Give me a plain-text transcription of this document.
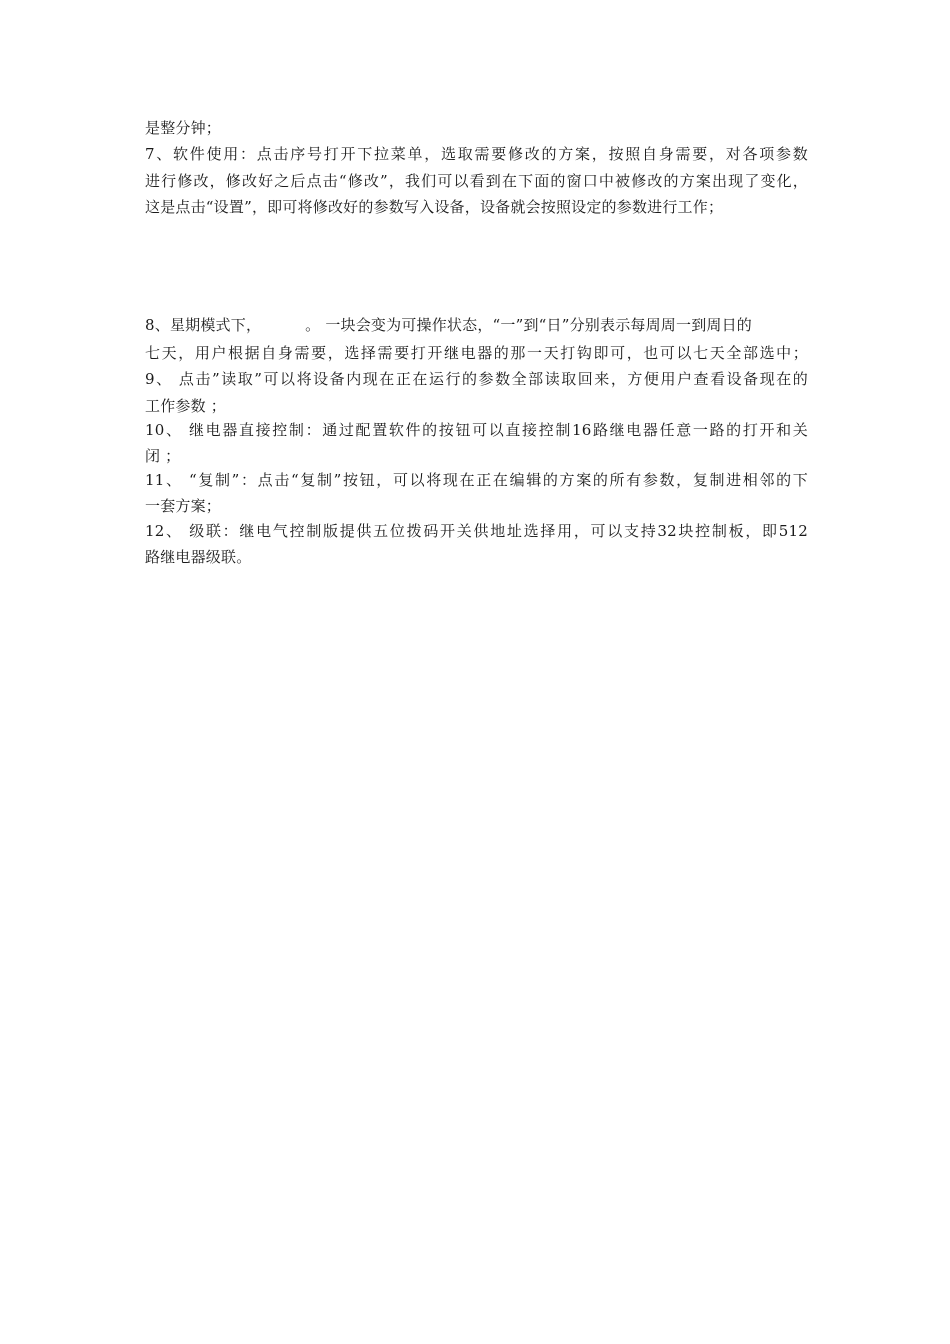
是整分钟；
7、软件使用：点击序号打开下拉菜单，选取需要修改的方案，按照自身需要，对各项参数
进行修改，修改好之后点击“修改”，我们可以看到在下面的窗口中被修改的方案出现了变化，
这是点击“设置”，即可将修改好的参数写入设备，设备就会按照设定的参数进行工作；
8、星期模式下，	。 一块会变为可操作状态，“一”到“日”分别表示每周周一到周日的
七天，用户根据自身需要，选择需要打开继电器的那一天打钩即可，也可以七天全部选中；
9、 点击”读取”可以将设备内现在正在运行的参数全部读取回来，方便用户查看设备现在的
工作参数 ；
10、 继电器直接控制：通过配置软件的按钮可以直接控制16路继电器任意一路的打开和关
闭 ；
11、 “复制”：点击“复制”按钮，可以将现在正在编辑的方案的所有参数，复制进相邻的下
一套方案；
12、 级联：继电气控制版提供五位拨码开关供地址选择用，可以支持32块控制板，即512
路继电器级联。
